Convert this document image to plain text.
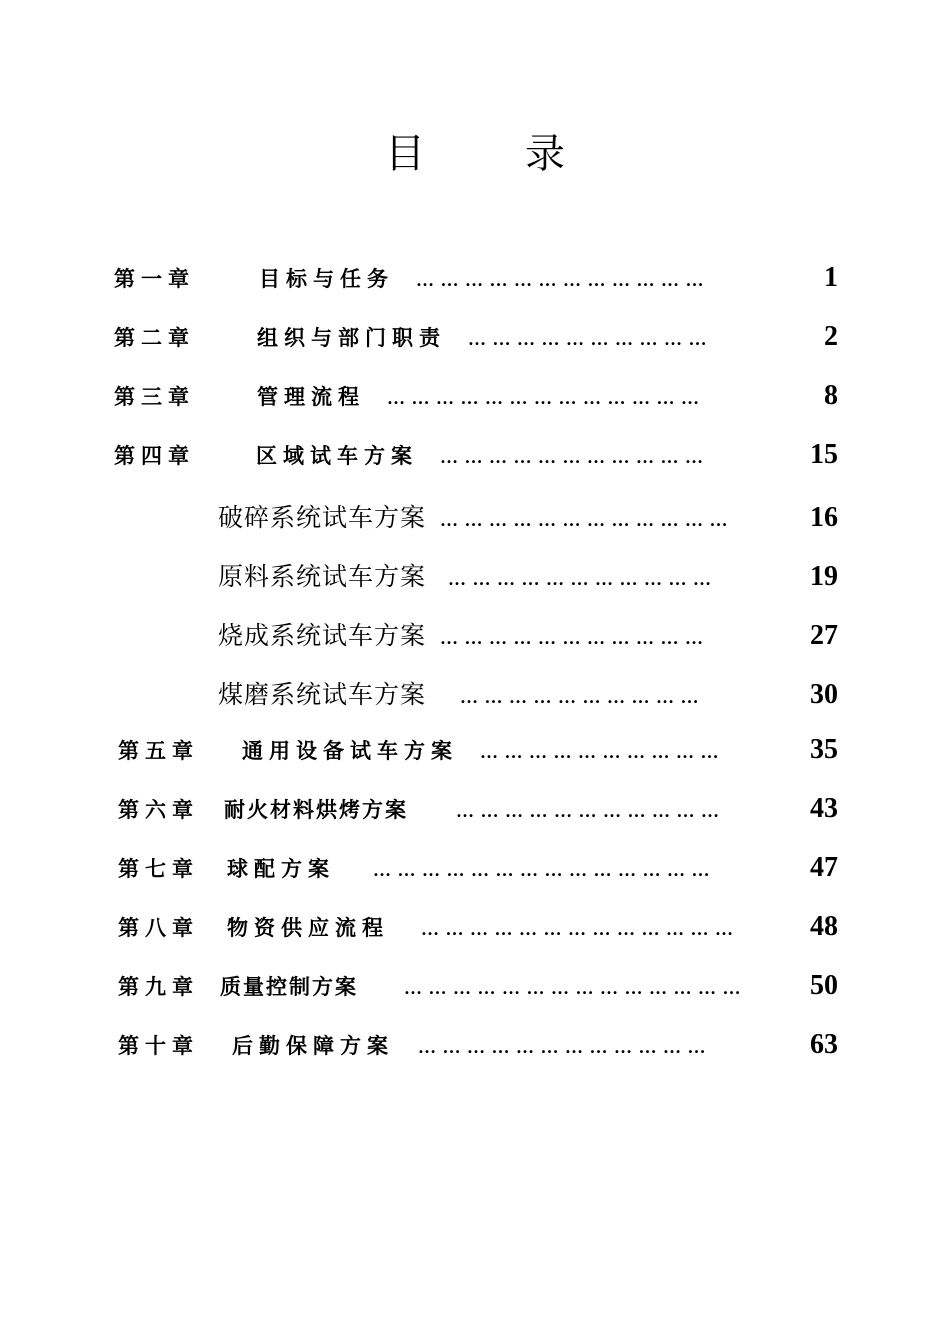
目	录
第一章	目标与任务 … … … … … … … … … … … …	1
第二章	组织与部门职责 … … … … … … … … … …	2
第三章	管理流程 … … … … … … … … … … … … …	8
第四章	区域试车方案 … … … … … … … … … … …	15
破碎系统试车方案 … … … … … … … … … … … …	16
原料系统试车方案 … … … … … … … … … … …	19
烧成系统试车方案 … … … … … … … … … … …	27
煤磨系统试车方案 … … … … … … … … … …	30
第五章	通用设备试车方案 … … … … … … … … … …	35
第六章	耐火材料烘烤方案	… … … … … … … … … … …	43
第七章	球配方案 … … … … … … … … … … … … … …	47
第八章	物资供应流程 … … … … … … … … … … … … …	48
第九章	质量控制方案	… … … … … … … … … … … … … …	50
第十章	后勤保障方案 … … … … … … … … … … … …	63
